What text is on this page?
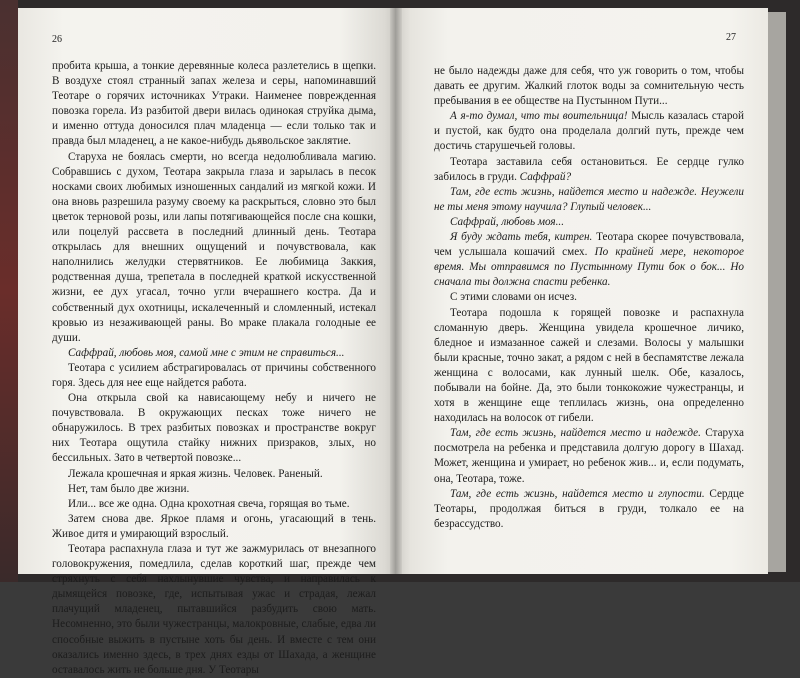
26

пробита крыша, а тонкие деревянные колеса разлетелись в щепки. В воздухе стоял странный запах железа и серы, напоминавший Теотаре о горячих источниках Утраки. Наименее поврежденная повозка горела. Из разбитой двери вилась одинокая струйка дыма, и именно оттуда доносился плач младенца — если только так и правда был младенец, а не какое-нибудь дьявольское заклятие.

Старуха не боялась смерти, но всегда недолюбливала магию. Собравшись с духом, Теотара закрыла глаза и зарылась в песок носками своих любимых изношенных сандалий из мягкой кожи. И она вновь разрешила разуму своему ка раскрыться, словно это был цветок терновой розы, или лапы потягивающейся после сна кошки, или поцелуй рассвета в последний длинный день. Теотара открылась для внешних ощущений и почувствовала, как наполнились желудки стервятников. Ее любимица Заккия, родственная душа, трепетала в последней краткой искусственной жизни, ее дух угасал, точно угли вчерашнего костра. Да и собственный дух охотницы, искалеченный и сломленный, истекал кровью из незаживающей раны. Во мраке плакала голодные ее души.

Саффрай, любовь моя, самой мне с этим не справиться...

Теотара с усилием абстрагировалась от причины собственного горя. Здесь для нее еще найдется работа.

Она открыла свой ка нависающему небу и ничего не почувствовала. В окружающих песках тоже ничего не обнаружилось. В трех разбитых повозках и пространстве вокруг них Теотара ощутила стайку нижних призраков, злых, но бессильных. Зато в четвертой повозке...

Лежала крошечная и яркая жизнь. Человек. Раненый.

Нет, там было две жизни.

Или... все же одна. Одна крохотная свеча, горящая во тьме.

Затем снова две. Яркое пламя и огонь, угасающий в тень. Живое дитя и умирающий взрослый.

Теотара распахнула глаза и тут же зажмурилась от внезапного головокружения, помедлила, сделав короткий шаг, прежде чем стряхнуть с себя нахлынувшие чувства, и направилась к дымящейся повозке, где, испытывая ужас и страдая, лежал плачущий младенец, пытавшийся разбудить свою мать. Несомненно, это были чужестранцы, малокровные, слабые, едва ли способные выжить в пустыне хоть бы день. И вместе с тем они оказались именно здесь, в трех днях езды от Шахада, а женщине оставалось жить не больше дня. У Теотары

27

не было надежды даже для себя, что уж говорить о том, чтобы давать ее другим. Жалкий глоток воды за сомнительную честь пребывания в ее обществе на Пустынном Пути...

А я-то думал, что ты воительница! Мысль казалась старой и пустой, как будто она проделала долгий путь, прежде чем достичь старушечьей головы.

Теотара заставила себя остановиться. Ее сердце гулко забилось в груди. Саффрай?

Там, где есть жизнь, найдется место и надежде. Неужели не ты меня этому научила? Глупый человек...

Саффрай, любовь моя...

Я буду ждать тебя, китрен. Теотара скорее почувствовала, чем услышала кошачий смех. По крайней мере, некоторое время. Мы отправимся по Пустынному Пути бок о бок... Но сначала ты должна спасти ребенка.

С этими словами он исчез.

Теотара подошла к горящей повозке и распахнула сломанную дверь. Женщина увидела крошечное личико, бледное и измазанное сажей и слезами. Волосы у малышки были красные, точно закат, а рядом с ней в беспамятстве лежала женщина с волосами, как лунный шелк. Обе, казалось, побывали на бойне. Да, это были тонкокожие чужестранцы, и хотя в женщине еще теплилась жизнь, она определенно находилась на волосок от гибели.

Там, где есть жизнь, найдется место и надежде. Старуха посмотрела на ребенка и представила долгую дорогу в Шахад. Может, женщина и умирает, но ребенок жив... и, если подумать, она, Теотара, тоже.

Там, где есть жизнь, найдется место и глупости. Сердце Теотары, продолжая биться в груди, толкало ее на безрассудство.
